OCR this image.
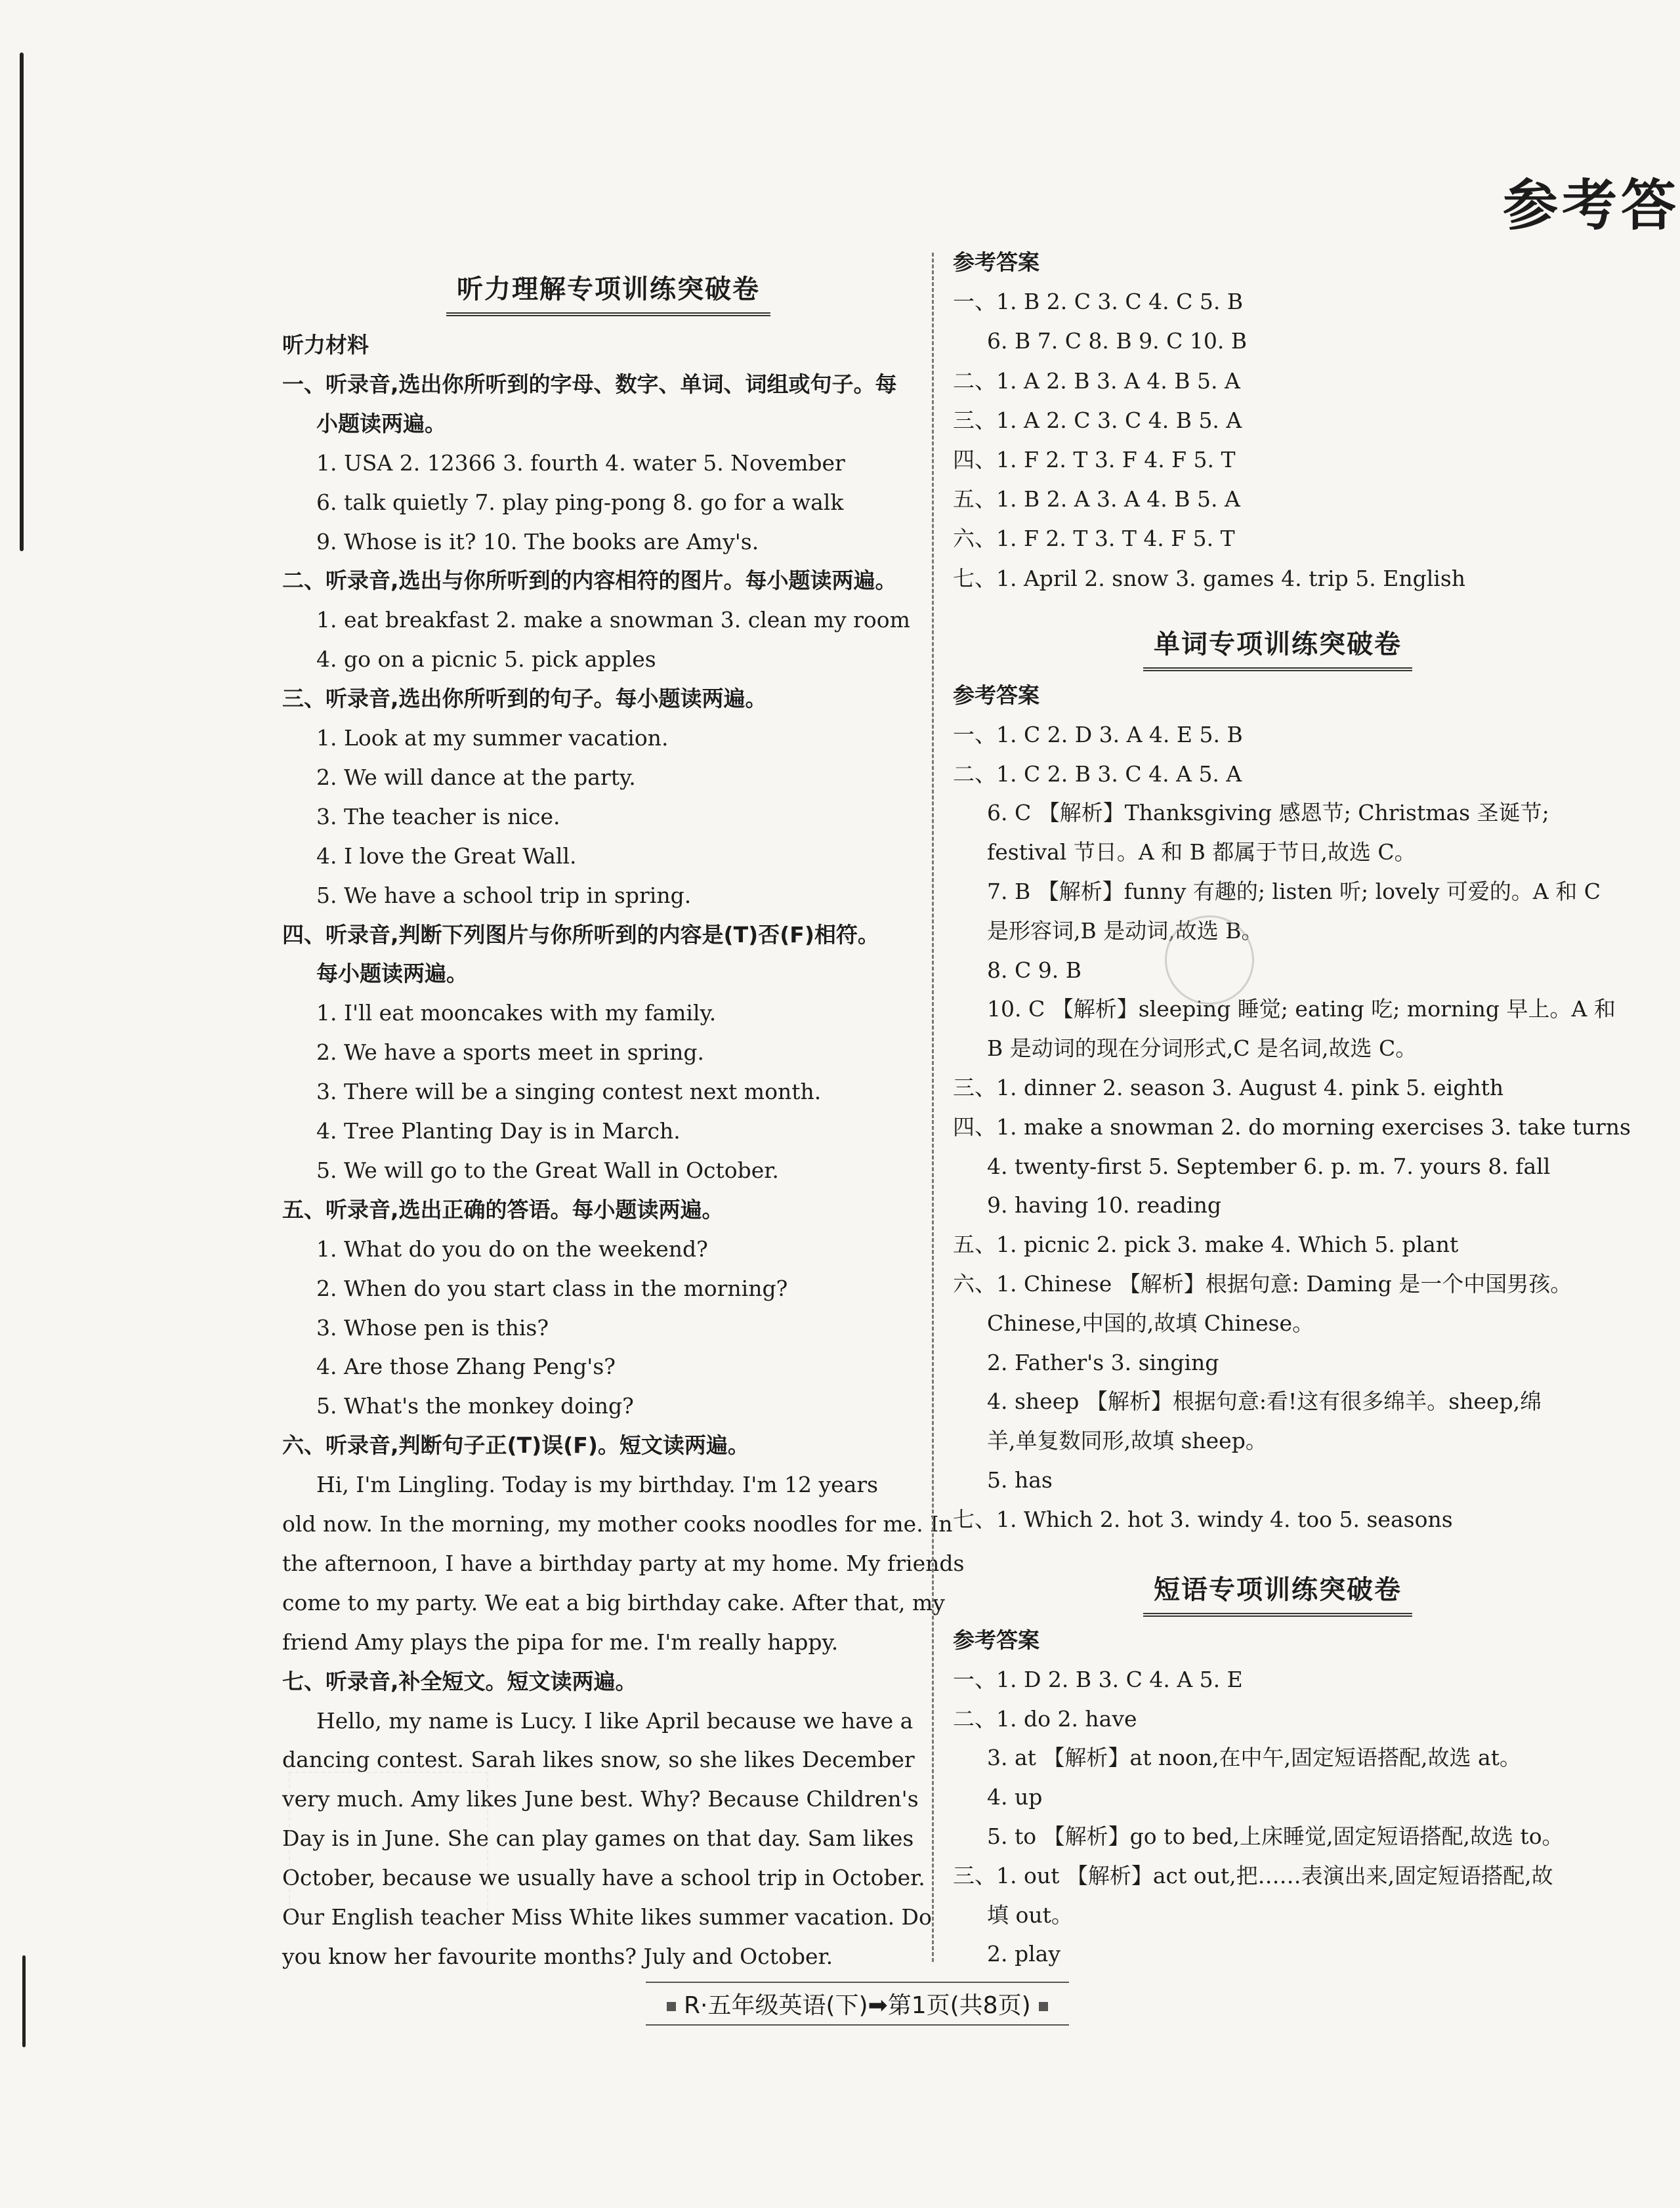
参考答
听力理解专项训练突破卷
听力材料
一、听录音,选出你所听到的字母、数字、单词、词组或句子。每
小题读两遍。
1. USA 2. 12366 3. fourth 4. water 5. November
6. talk quietly 7. play ping-pong 8. go for a walk
9. Whose is it? 10. The books are Amy's.
二、听录音,选出与你所听到的内容相符的图片。每小题读两遍。
1. eat breakfast 2. make a snowman 3. clean my room
4. go on a picnic 5. pick apples
三、听录音,选出你所听到的句子。每小题读两遍。
1. Look at my summer vacation.
2. We will dance at the party.
3. The teacher is nice.
4. I love the Great Wall.
5. We have a school trip in spring.
四、听录音,判断下列图片与你所听到的内容是(T)否(F)相符。
每小题读两遍。
1. I'll eat mooncakes with my family.
2. We have a sports meet in spring.
3. There will be a singing contest next month.
4. Tree Planting Day is in March.
5. We will go to the Great Wall in October.
五、听录音,选出正确的答语。每小题读两遍。
1. What do you do on the weekend?
2. When do you start class in the morning?
3. Whose pen is this?
4. Are those Zhang Peng's?
5. What's the monkey doing?
六、听录音,判断句子正(T)误(F)。短文读两遍。
Hi, I'm Lingling. Today is my birthday. I'm 12 years
old now. In the morning, my mother cooks noodles for me. In
the afternoon, I have a birthday party at my home. My friends
come to my party. We eat a big birthday cake. After that, my
friend Amy plays the pipa for me. I'm really happy.
七、听录音,补全短文。短文读两遍。
Hello, my name is Lucy. I like April because we have a
dancing contest. Sarah likes snow, so she likes December
very much. Amy likes June best. Why? Because Children's
Day is in June. She can play games on that day. Sam likes
October, because we usually have a school trip in October.
Our English teacher Miss White likes summer vacation. Do
you know her favourite months? July and October.
参考答案
一、1. B 2. C 3. C 4. C 5. B
6. B 7. C 8. B 9. C 10. B
二、1. A 2. B 3. A 4. B 5. A
三、1. A 2. C 3. C 4. B 5. A
四、1. F 2. T 3. F 4. F 5. T
五、1. B 2. A 3. A 4. B 5. A
六、1. F 2. T 3. T 4. F 5. T
七、1. April 2. snow 3. games 4. trip 5. English
单词专项训练突破卷
参考答案
一、1. C 2. D 3. A 4. E 5. B
二、1. C 2. B 3. C 4. A 5. A
6. C 【解析】Thanksgiving 感恩节; Christmas 圣诞节;
festival 节日。A 和 B 都属于节日,故选 C。
7. B 【解析】funny 有趣的; listen 听; lovely 可爱的。A 和 C
是形容词,B 是动词,故选 B。
8. C 9. B
10. C 【解析】sleeping 睡觉; eating 吃; morning 早上。A 和
B 是动词的现在分词形式,C 是名词,故选 C。
三、1. dinner 2. season 3. August 4. pink 5. eighth
四、1. make a snowman 2. do morning exercises 3. take turns
4. twenty-first 5. September 6. p. m. 7. yours 8. fall
9. having 10. reading
五、1. picnic 2. pick 3. make 4. Which 5. plant
六、1. Chinese 【解析】根据句意: Daming 是一个中国男孩。
Chinese,中国的,故填 Chinese。
2. Father's 3. singing
4. sheep 【解析】根据句意:看!这有很多绵羊。sheep,绵
羊,单复数同形,故填 sheep。
5. has
七、1. Which 2. hot 3. windy 4. too 5. seasons
短语专项训练突破卷
参考答案
一、1. D 2. B 3. C 4. A 5. E
二、1. do 2. have
3. at 【解析】at noon,在中午,固定短语搭配,故选 at。
4. up
5. to 【解析】go to bed,上床睡觉,固定短语搭配,故选 to。
三、1. out 【解析】act out,把……表演出来,固定短语搭配,故
填 out。
2. play
R·五年级英语(下)➡第1页(共8页)
